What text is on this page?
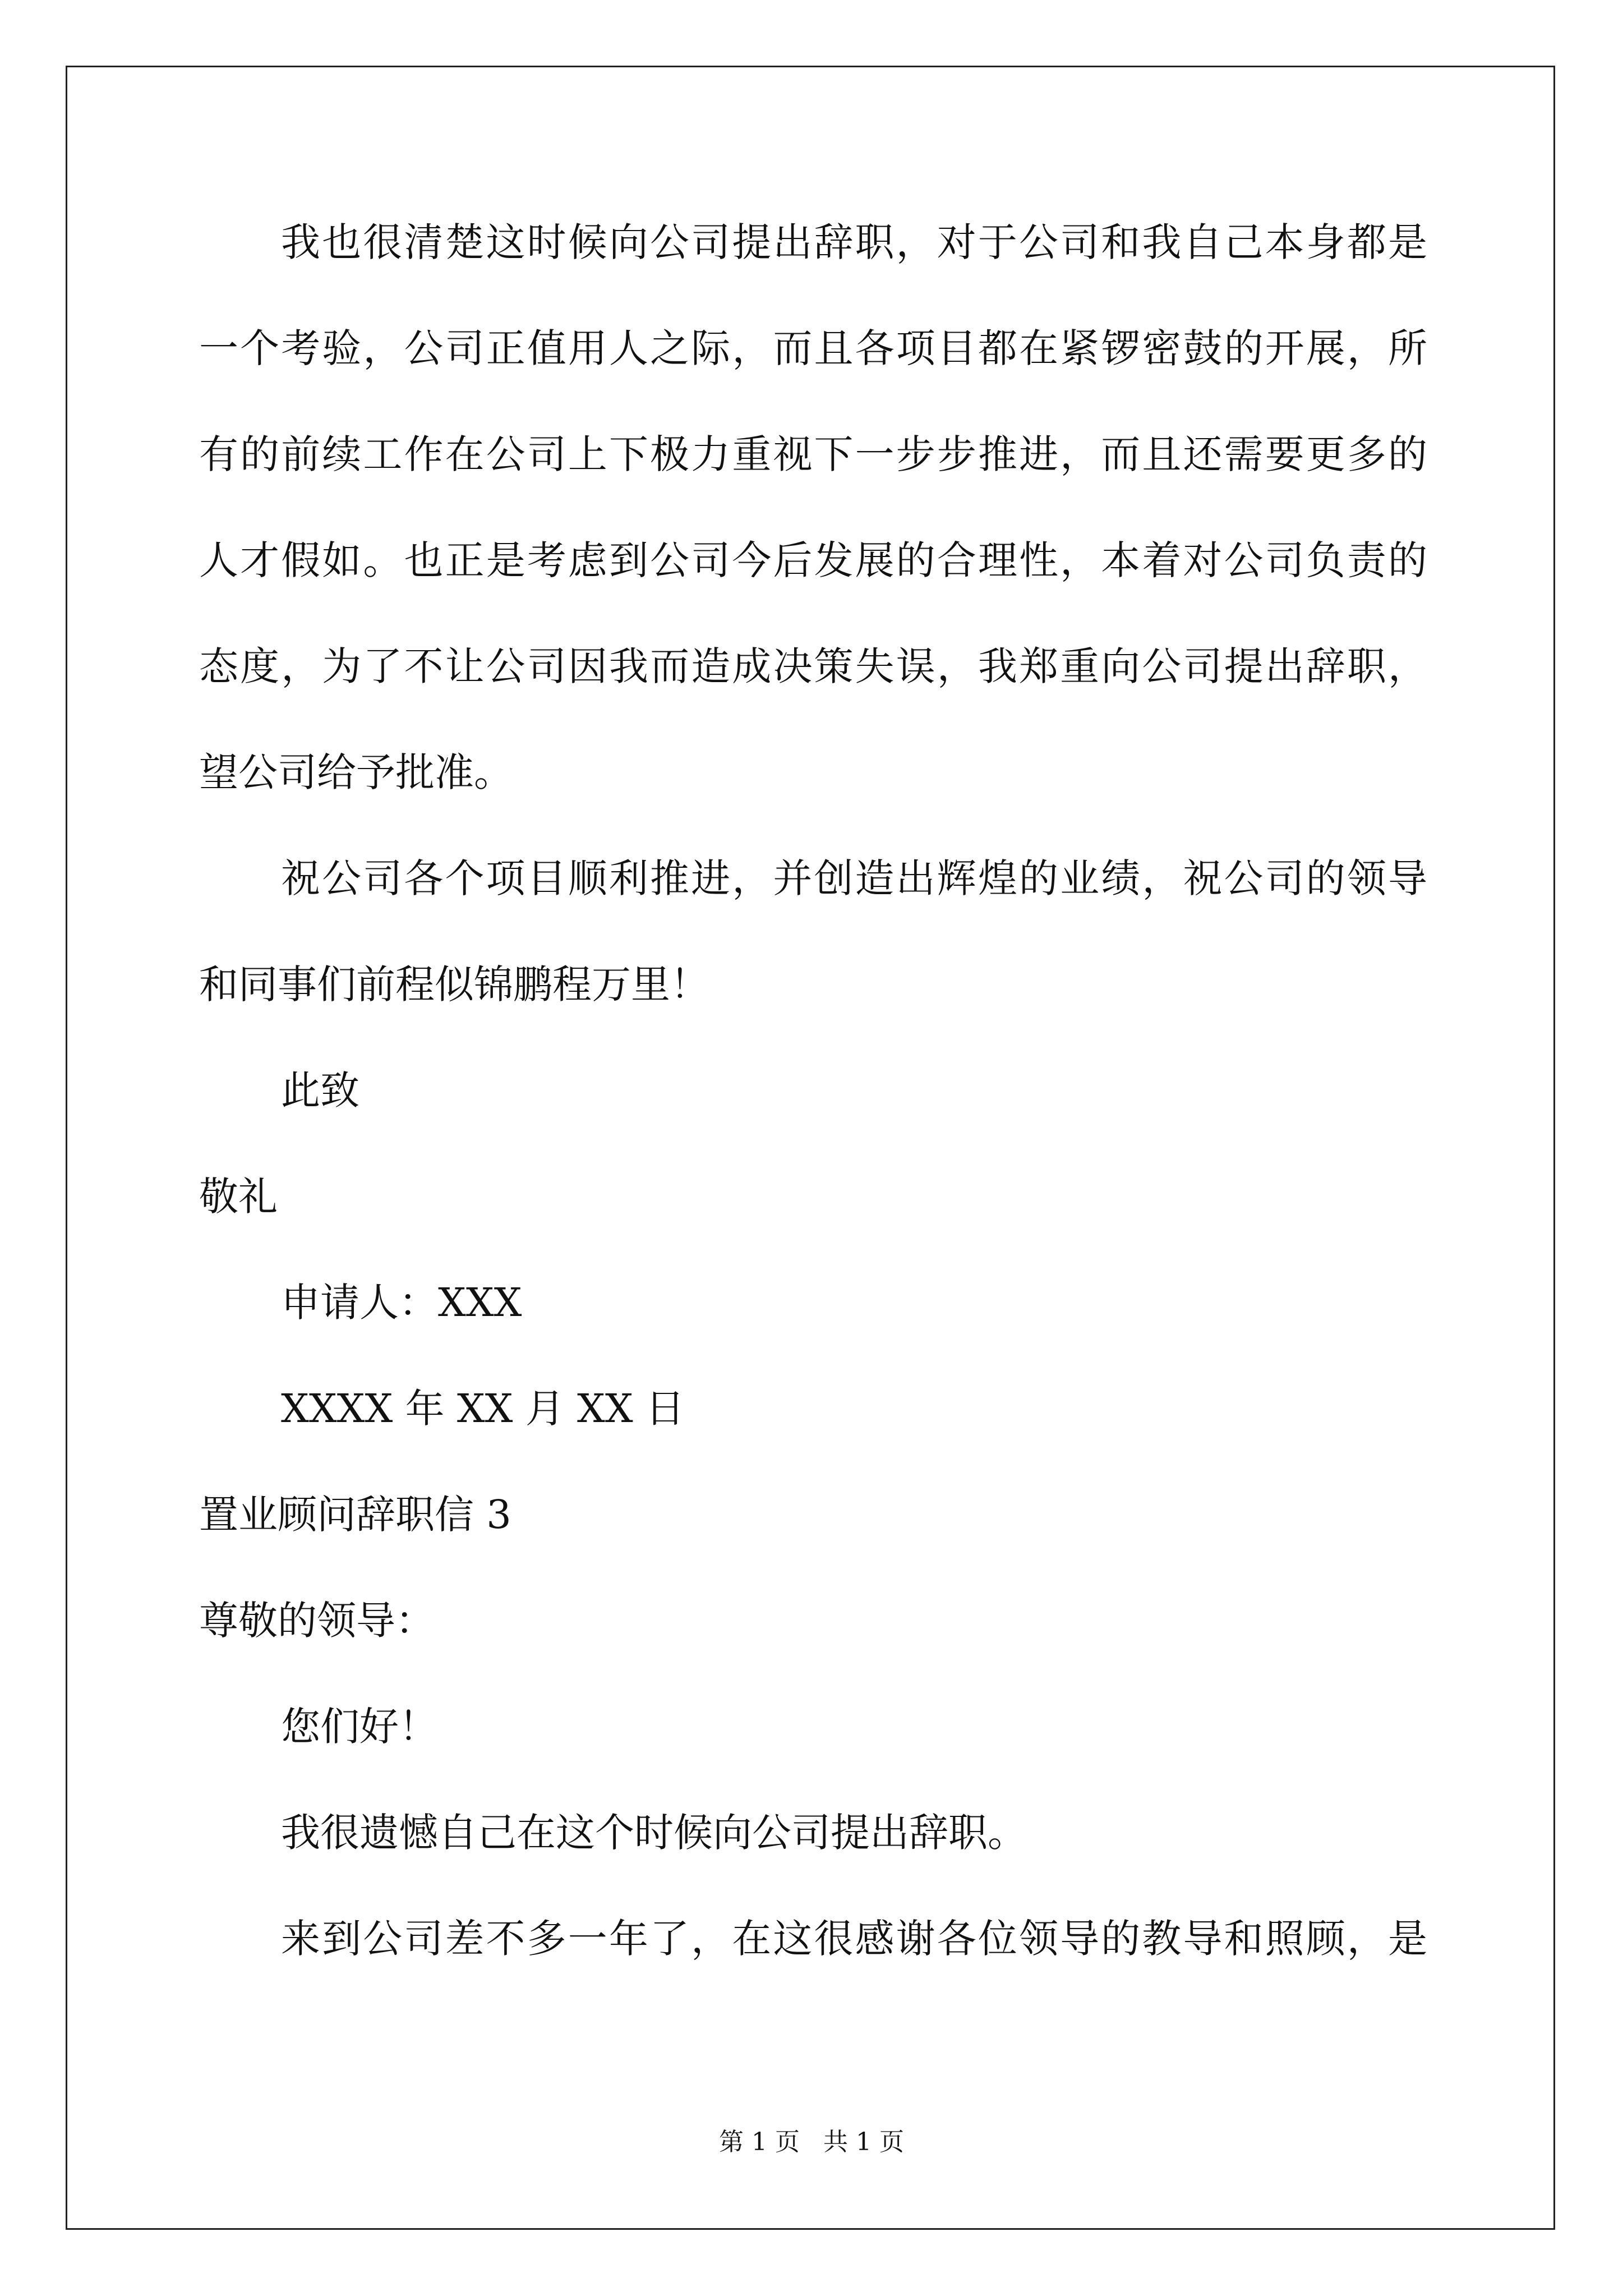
我也很清楚这时候向公司提出辞职，对于公司和我自己本身都是
一个考验，公司正值用人之际，而且各项目都在紧锣密鼓的开展，所
有的前续工作在公司上下极力重视下一步步推进，而且还需要更多的
人才假如。也正是考虑到公司今后发展的合理性，本着对公司负责的
态度，为了不让公司因我而造成决策失误，我郑重向公司提出辞职，
望公司给予批准。
祝公司各个项目顺利推进，并创造出辉煌的业绩，祝公司的领导
和同事们前程似锦鹏程万里！
此致
敬礼
申请人：XXX
XXXX 年 XX 月 XX 日
置业顾问辞职信 3
尊敬的领导：
您们好！
我很遗憾自己在这个时候向公司提出辞职。
来到公司差不多一年了，在这很感谢各位领导的教导和照顾，是
第 1 页   共 1 页
